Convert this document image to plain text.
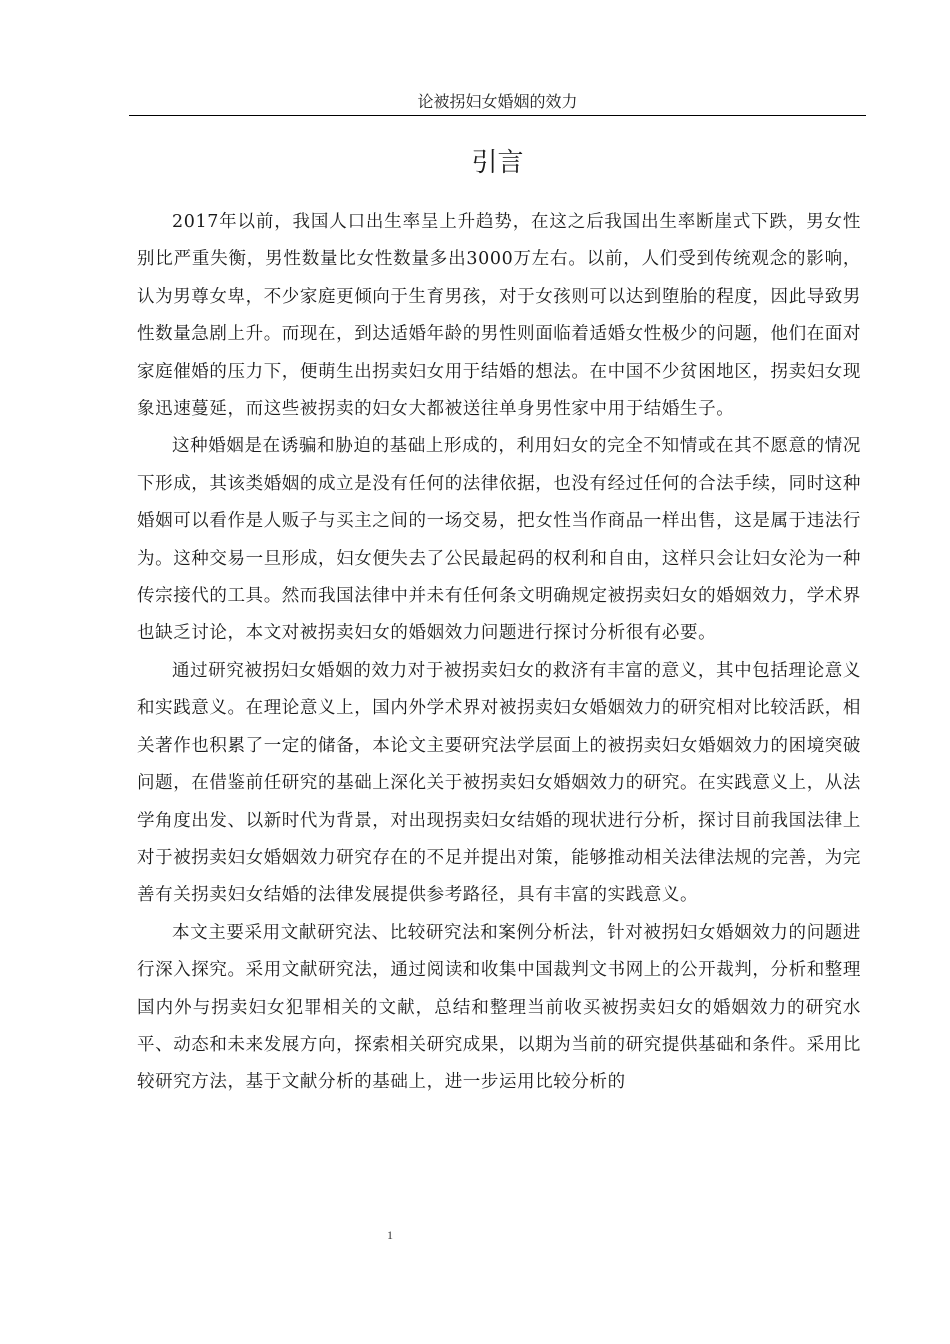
论被拐妇女婚姻的效力
引言

2017年以前，我国人口出生率呈上升趋势，在这之后我国出生率断崖式下跌，男女性别比严重失衡，男性数量比女性数量多出3000万左右。以前，人们受到传统观念的影响，认为男尊女卑，不少家庭更倾向于生育男孩，对于女孩则可以达到堕胎的程度，因此导致男性数量急剧上升。而现在，到达适婚年龄的男性则面临着适婚女性极少的问题，他们在面对家庭催婚的压力下，便萌生出拐卖妇女用于结婚的想法。在中国不少贫困地区，拐卖妇女现象迅速蔓延，而这些被拐卖的妇女大都被送往单身男性家中用于结婚生子。

这种婚姻是在诱骗和胁迫的基础上形成的，利用妇女的完全不知情或在其不愿意的情况下形成，其该类婚姻的成立是没有任何的法律依据，也没有经过任何的合法手续，同时这种婚姻可以看作是人贩子与买主之间的一场交易，把女性当作商品一样出售，这是属于违法行为。这种交易一旦形成，妇女便失去了公民最起码的权利和自由，这样只会让妇女沦为一种传宗接代的工具。然而我国法律中并未有任何条文明确规定被拐卖妇女的婚姻效力，学术界也缺乏讨论，本文对被拐卖妇女的婚姻效力问题进行探讨分析很有必要。

通过研究被拐妇女婚姻的效力对于被拐卖妇女的救济有丰富的意义，其中包括理论意义和实践意义。在理论意义上，国内外学术界对被拐卖妇女婚姻效力的研究相对比较活跃，相关著作也积累了一定的储备，本论文主要研究法学层面上的被拐卖妇女婚姻效力的困境突破问题，在借鉴前任研究的基础上深化关于被拐卖妇女婚姻效力的研究。在实践意义上，从法学角度出发、以新时代为背景，对出现拐卖妇女结婚的现状进行分析，探讨目前我国法律上对于被拐卖妇女婚姻效力研究存在的不足并提出对策，能够推动相关法律法规的完善，为完善有关拐卖妇女结婚的法律发展提供参考路径，具有丰富的实践意义。

本文主要采用文献研究法、比较研究法和案例分析法，针对被拐妇女婚姻效力的问题进行深入探究。采用文献研究法，通过阅读和收集中国裁判文书网上的公开裁判，分析和整理国内外与拐卖妇女犯罪相关的文献，总结和整理当前收买被拐卖妇女的婚姻效力的研究水平、动态和未来发展方向，探索相关研究成果，以期为当前的研究提供基础和条件。采用比较研究方法，基于文献分析的基础上，进一步运用比较分析的

1
